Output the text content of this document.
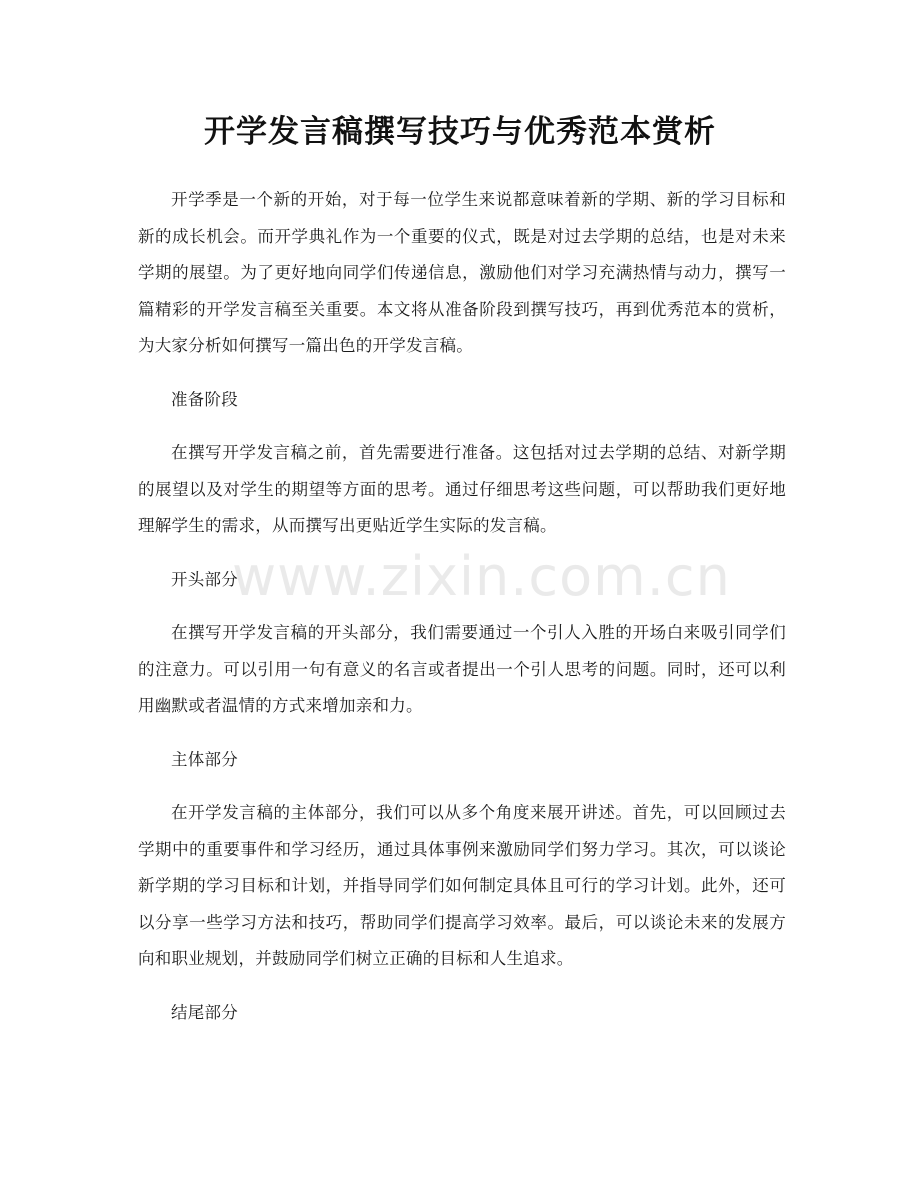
开学发言稿撰写技巧与优秀范本赏析

开学季是一个新的开始，对于每一位学生来说都意味着新的学期、新的学习目标和新的成长机会。而开学典礼作为一个重要的仪式，既是对过去学期的总结，也是对未来学期的展望。为了更好地向同学们传递信息，激励他们对学习充满热情与动力，撰写一篇精彩的开学发言稿至关重要。本文将从准备阶段到撰写技巧，再到优秀范本的赏析，为大家分析如何撰写一篇出色的开学发言稿。

准备阶段

在撰写开学发言稿之前，首先需要进行准备。这包括对过去学期的总结、对新学期的展望以及对学生的期望等方面的思考。通过仔细思考这些问题，可以帮助我们更好地理解学生的需求，从而撰写出更贴近学生实际的发言稿。

开头部分

在撰写开学发言稿的开头部分，我们需要通过一个引人入胜的开场白来吸引同学们的注意力。可以引用一句有意义的名言或者提出一个引人思考的问题。同时，还可以利用幽默或者温情的方式来增加亲和力。

主体部分

在开学发言稿的主体部分，我们可以从多个角度来展开讲述。首先，可以回顾过去学期中的重要事件和学习经历，通过具体事例来激励同学们努力学习。其次，可以谈论新学期的学习目标和计划，并指导同学们如何制定具体且可行的学习计划。此外，还可以分享一些学习方法和技巧，帮助同学们提高学习效率。最后，可以谈论未来的发展方向和职业规划，并鼓励同学们树立正确的目标和人生追求。

结尾部分

www.zixin.com.cn
